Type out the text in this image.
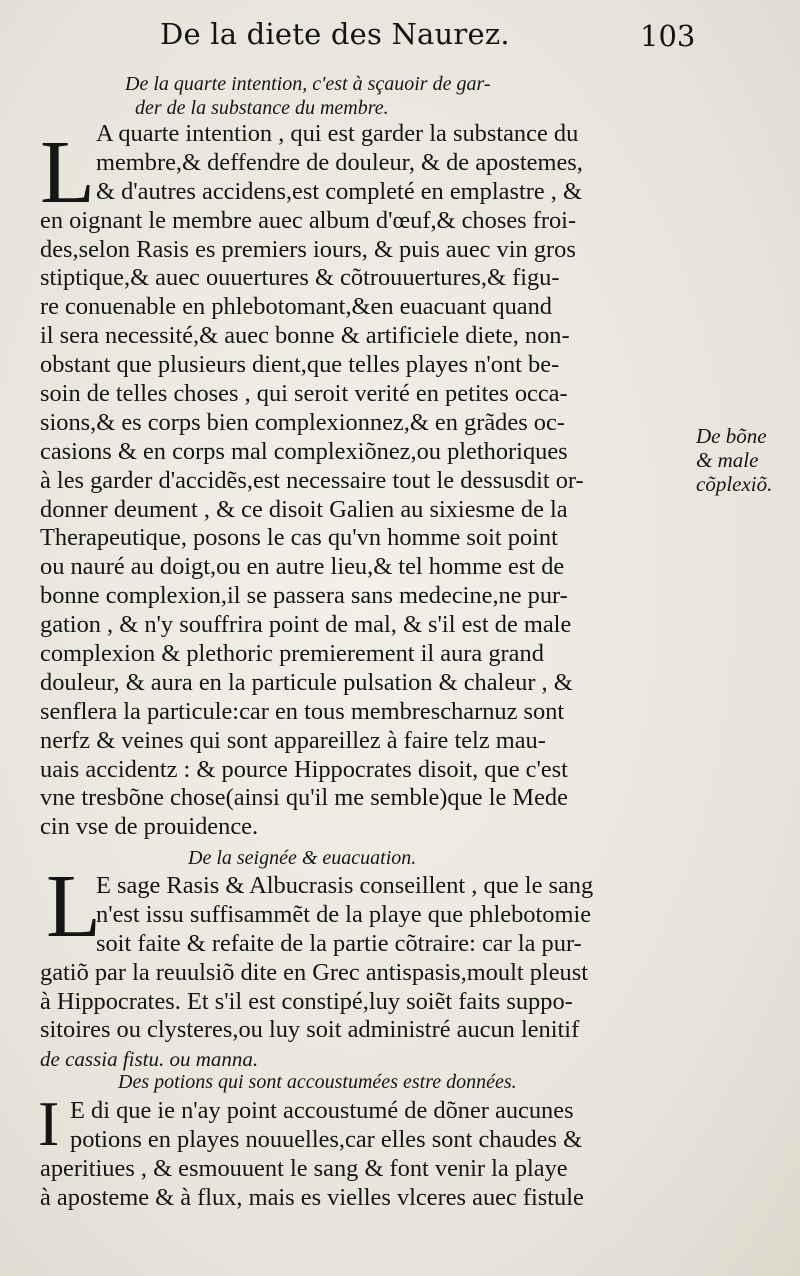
De la diete des Naurez.	103
De la quarte intention, c'est à sçauoir de gar-
der de la substance du membre.
L A quarte intention , qui est garder la substance du
membre,& deffendre de douleur, & de apostemes,
& d'autres accidens,est completé en emplastre , &
en oignant le membre auec album d'œuf,& choses froi-
des,selon Rasis es premiers iours, & puis auec vin gros
stiptique,& auec ouuertures & cõtrouuertures,& figu-
re conuenable en phlebotomant,&en euacuant quand
il sera necessité,& auec bonne & artificiele diete, non-
obstant que plusieurs dient,que telles playes n'ont be-
soin de telles choses , qui seroit verité en petites occa-
sions,& es corps bien complexionnez,& en grãdes oc-
casions & en corps mal complexiõnez,ou plethoriques
à les garder d'accidẽs,est necessaire tout le dessusdit or-
donner deument , & ce disoit Galien au sixiesme de la
Therapeutique, posons le cas qu'vn homme soit point
ou nauré au doigt,ou en autre lieu,& tel homme est de
bonne complexion,il se passera sans medecine,ne pur-
gation , & n'y souffrira point de mal, & s'il est de male
complexion & plethoric premierement il aura grand
douleur, & aura en la particule pulsation & chaleur , &
senflera la particule:car en tous membrescharnuz sont
nerfz & veines qui sont appareillez à faire telz mau-
uais accidentz : & pource Hippocrates disoit, que c'est
vne tresbõne chose(ainsi qu'il me semble)que le Mede
cin vse de prouidence.
De bõne
& male
cõplexiõ.
De la seignée & euacuation.
L
E sage Rasis & Albucrasis conseillent , que le sang
n'est issu suffisammẽt de la playe que phlebotomie
soit faite & refaite de la partie cõtraire: car la pur-
gatiõ par la reuulsiõ dite en Grec antispasis,moult pleust
à Hippocrates. Et s'il est constipé,luy soiẽt faits suppo-
sitoires ou clysteres,ou luy soit administré aucun lenitif
de cassia fistu. ou manna.
Des potions qui sont accoustumées estre données.
I E di que ie n'ay point accoustumé de dõner aucunes
potions en playes nouuelles,car elles sont chaudes &
aperitiues , & esmouuent le sang & font venir la playe
à aposteme & à flux, mais es vielles vlceres auec fistule
